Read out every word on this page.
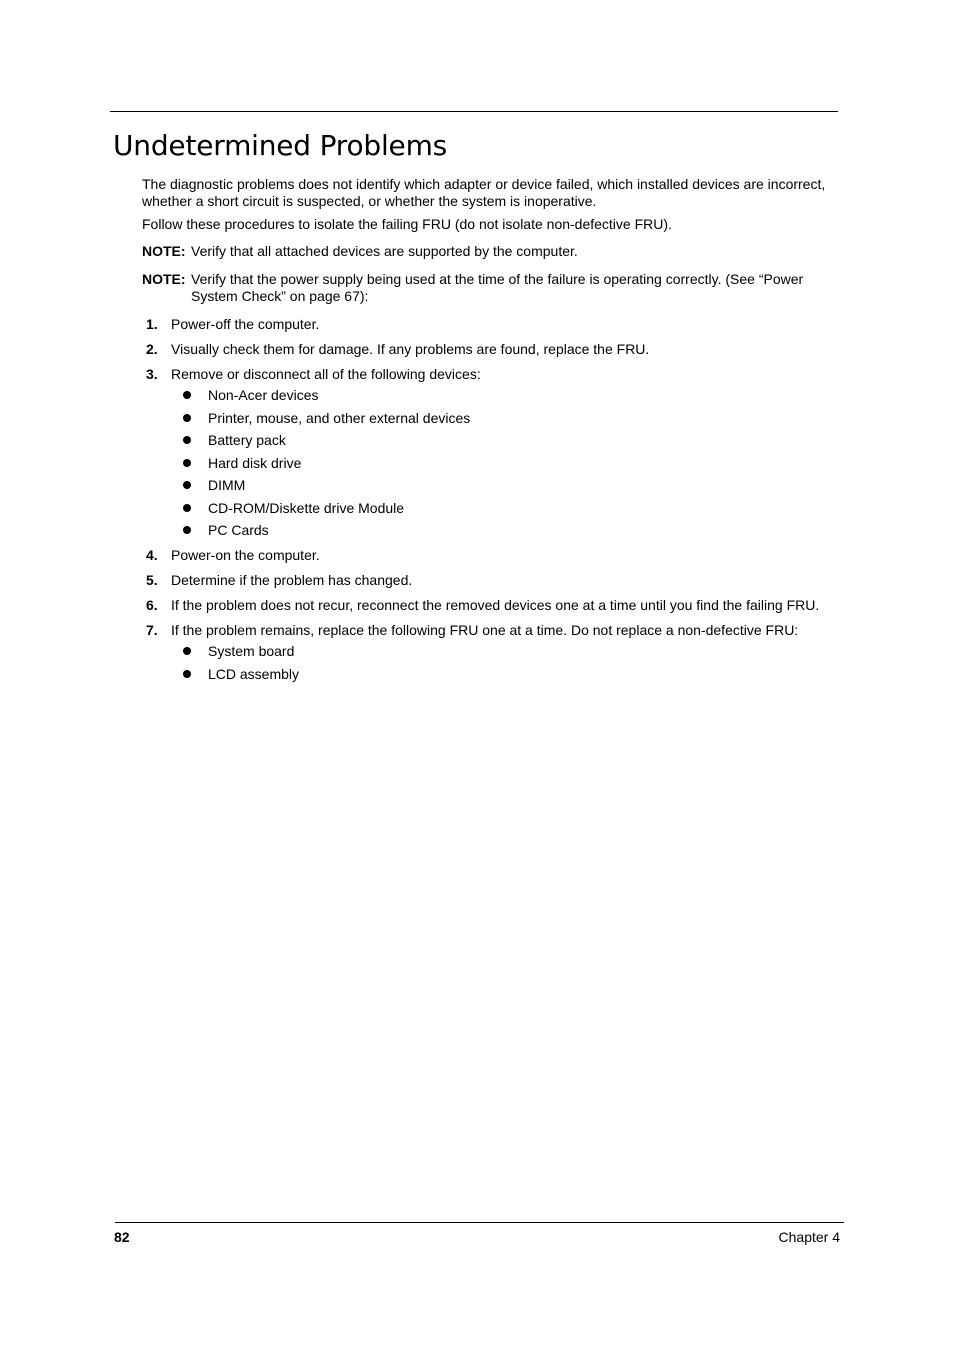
Undetermined Problems

The diagnostic problems does not identify which adapter or device failed, which installed devices are incorrect, whether a short circuit is suspected, or whether the system is inoperative.

Follow these procedures to isolate the failing FRU (do not isolate non-defective FRU).

NOTE: Verify that all attached devices are supported by the computer.
NOTE: Verify that the power supply being used at the time of the failure is operating correctly. (See “Power System Check” on page 67):
1. Power-off the computer.
2. Visually check them for damage. If any problems are found, replace the FRU.
3. Remove or disconnect all of the following devices:
Non-Acer devices
Printer, mouse, and other external devices
Battery pack
Hard disk drive
DIMM
CD-ROM/Diskette drive Module
PC Cards
4. Power-on the computer.
5. Determine if the problem has changed.
6. If the problem does not recur, reconnect the removed devices one at a time until you find the failing FRU.
7. If the problem remains, replace the following FRU one at a time. Do not replace a non-defective FRU:
System board
LCD assembly
82	Chapter 4
